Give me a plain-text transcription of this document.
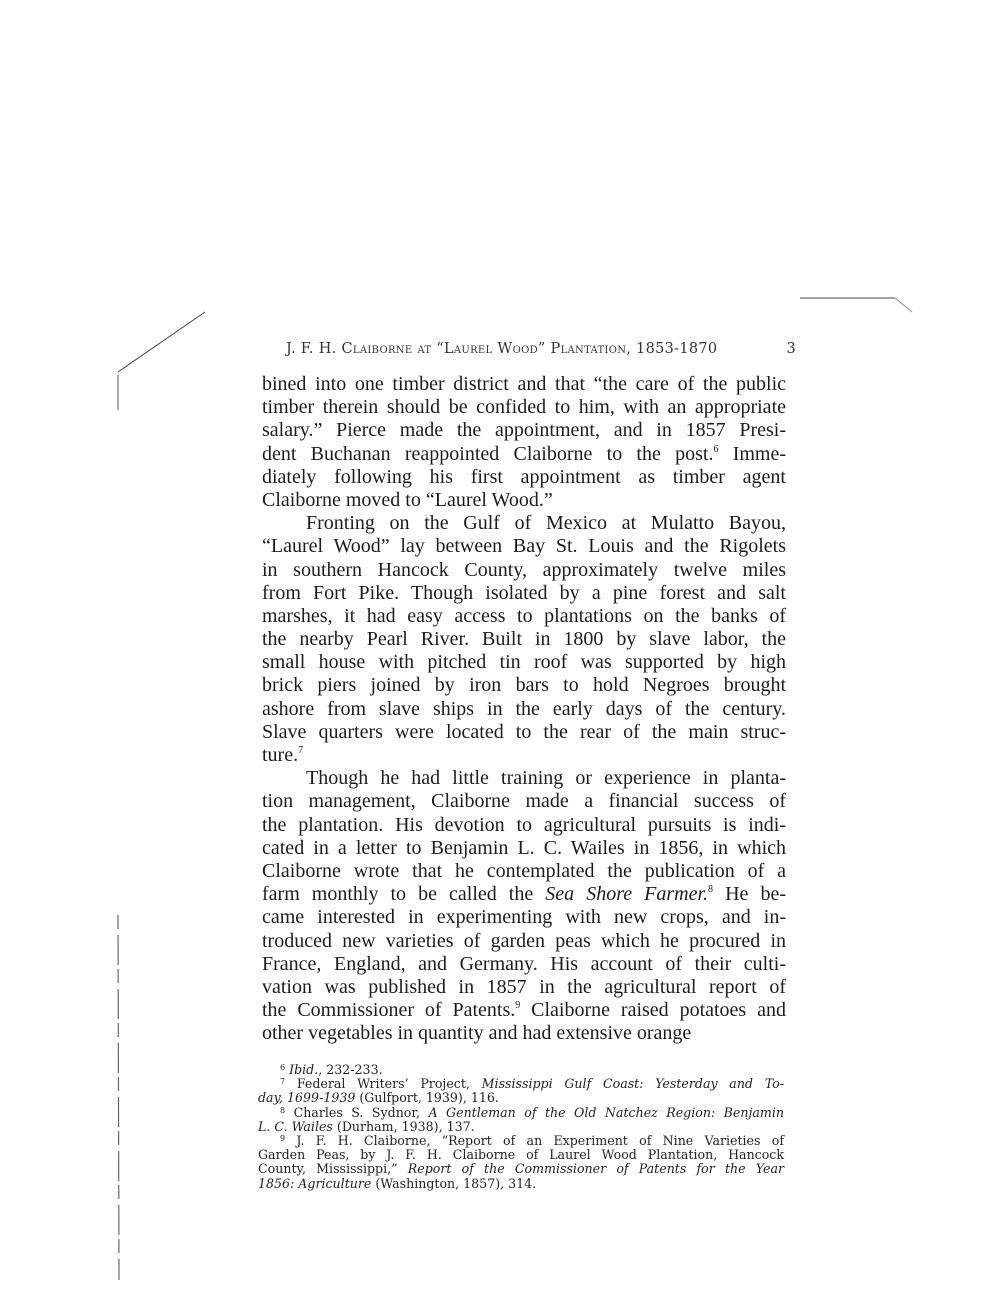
J. F. H. Claiborne at “Laurel Wood” Plantation, 1853-1870	3
bined into one timber district and that “the care of the public
timber therein should be confided to him, with an appropriate
salary.” Pierce made the appointment, and in 1857 Presi-
dent Buchanan reappointed Claiborne to the post.$^6$ Imme-
diately following his first appointment as timber agent
Claiborne moved to “Laurel Wood.”
Fronting on the Gulf of Mexico at Mulatto Bayou,
“Laurel Wood” lay between Bay St. Louis and the Rigolets
in southern Hancock County, approximately twelve miles
from Fort Pike. Though isolated by a pine forest and salt
marshes, it had easy access to plantations on the banks of
the nearby Pearl River. Built in 1800 by slave labor, the
small house with pitched tin roof was supported by high
brick piers joined by iron bars to hold Negroes brought
ashore from slave ships in the early days of the century.
Slave quarters were located to the rear of the main struc-
ture.$^7$
Though he had little training or experience in planta-
tion management, Claiborne made a financial success of
the plantation. His devotion to agricultural pursuits is indi-
cated in a letter to Benjamin L. C. Wailes in 1856, in which
Claiborne wrote that he contemplated the publication of a
farm monthly to be called the Sea Shore Farmer.$^8$ He be-
came interested in experimenting with new crops, and in-
troduced new varieties of garden peas which he procured in
France, England, and Germany. His account of their culti-
vation was published in 1857 in the agricultural report of
the Commissioner of Patents.$^9$ Claiborne raised potatoes and
other vegetables in quantity and had extensive orange
$^6$ Ibid., 232-233.
$^7$ Federal Writers’ Project, Mississippi Gulf Coast: Yesterday and To-
day, 1699-1939 (Gulfport, 1939), 116.
$^8$ Charles S. Sydnor, A Gentleman of the Old Natchez Region: Benjamin
L. C. Wailes (Durham, 1938), 137.
$^9$ J. F. H. Claiborne, “Report of an Experiment of Nine Varieties of
Garden Peas, by J. F. H. Claiborne of Laurel Wood Plantation, Hancock
County, Mississippi,” Report of the Commissioner of Patents for the Year
1856: Agriculture (Washington, 1857), 314.
